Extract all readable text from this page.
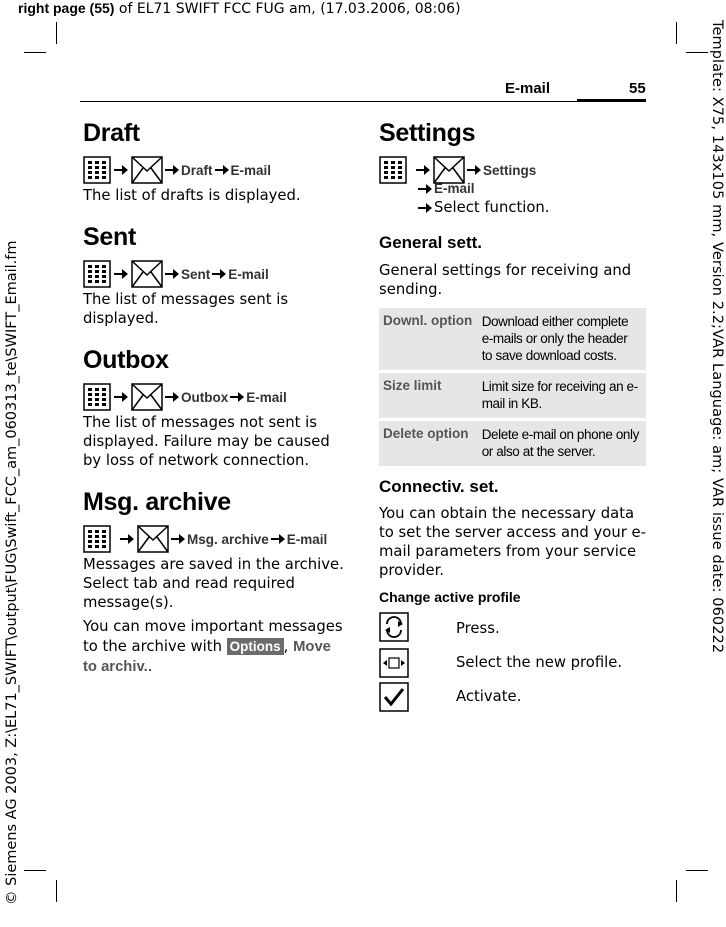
right page (55) of EL71 SWIFT FCC FUG am, (17.03.2006, 08:06)
Template: X75, 143x105 mm, Version 2.2;VAR Language: am; VAR issue date: 060222
© Siemens AG 2003, Z:\EL71_SWIFT\output\FUG\Swift_FCC_am_060313_te\SWIFT_Email.fm
E-mail	55
Draft
Draft E-mail
The list of drafts is displayed.
Sent
Sent E-mail
The list of messages sent is displayed.
Outbox
Outbox E-mail
The list of messages not sent is displayed. Failure may be caused by loss of network connection.
Msg. archive
Msg. archive E-mail
Messages are saved in the archive. Select tab and read required message(s).
You can move important messages to the archive with Options , Move to archiv..
Settings
Settings
E-mail
Select function.
General sett.
General settings for receiving and sending.
Downl. option	Download either complete e-mails or only the header to save download costs.
Size limit	Limit size for receiving an e-mail in KB.
Delete option	Delete e-mail on phone only or also at the server.
Connectiv. set.
You can obtain the necessary data to set the server access and your e-mail parameters from your service provider.
Change active profile
Press.
Select the new profile.
Activate.
